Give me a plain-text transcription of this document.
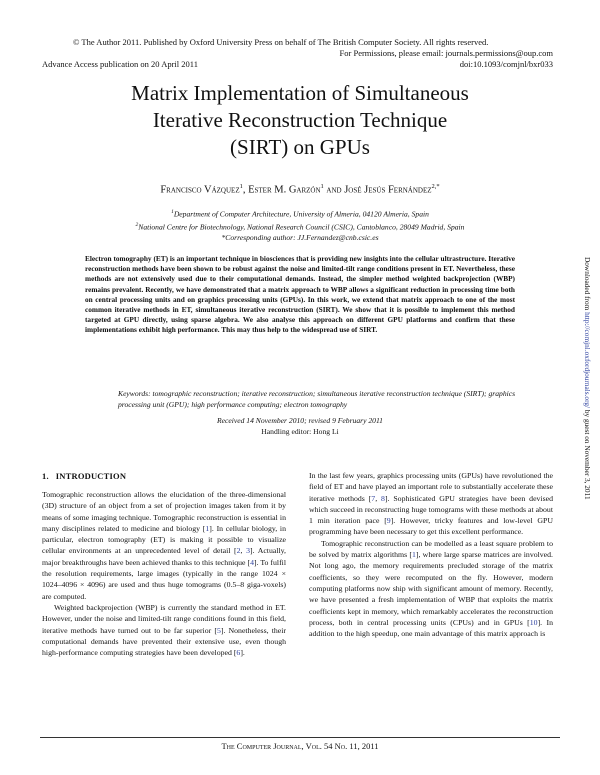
© The Author 2011. Published by Oxford University Press on behalf of The British Computer Society. All rights reserved.
For Permissions, please email: journals.permissions@oup.com
Advance Access publication on 20 April 2011	doi:10.1093/comjnl/bxr033
Matrix Implementation of Simultaneous
Iterative Reconstruction Technique
(SIRT) on GPUs
Francisco Vázquez$^1$, Ester M. Garzón$^1$ and José Jesús Fernández$^{2,*}$
$^1$Department of Computer Architecture, University of Almeria, 04120 Almeria, Spain
$^2$National Centre for Biotechnology, National Research Council (CSIC), Cantoblanco, 28049 Madrid, Spain
*Corresponding author: JJ.Fernandez@cnb.csic.es
Electron tomography (ET) is an important technique in biosciences that is providing new insights into the cellular ultrastructure. Iterative reconstruction methods have been shown to be robust against the noise and limited-tilt range conditions present in ET. Nevertheless, these methods are not extensively used due to their computational demands. Instead, the simpler method weighted backprojection (WBP) remains prevalent. Recently, we have demonstrated that a matrix approach to WBP allows a significant reduction in processing time both on central processing units and on graphics processing units (GPUs). In this work, we extend that matrix approach to one of the most common iterative methods in ET, simultaneous iterative reconstruction (SIRT). We show that it is possible to implement this method targeted at GPU directly, using sparse algebra. We also analyse this approach on different GPU platforms and confirm that these implementations exhibit high performance. This may thus help to the widespread use of SIRT.
Keywords: tomographic reconstruction; iterative reconstruction; simultaneous iterative reconstruction technique (SIRT); graphics processing unit (GPU); high performance computing; electron tomography
Received 14 November 2010; revised 9 February 2011
Handling editor: Hong Li
1. INTRODUCTION

Tomographic reconstruction allows the elucidation of the three-dimensional (3D) structure of an object from a set of projection images taken from it by means of some imaging technique. Tomographic reconstruction is essential in many disciplines related to medicine and biology [1]. In cellular biology, in particular, electron tomography (ET) is making it possible to visualize cellular environments at an unprecedented level of detail [2, 3]. Actually, major breakthroughs have been achieved thanks to this technique [4]. To fulfil the resolution requirements, large images (typically in the range 1024 × 1024–4096 × 4096) are used and thus huge tomograms (0.5–8 giga-voxels) are computed.

Weighted backprojection (WBP) is currently the standard method in ET. However, under the noise and limited-tilt range conditions found in this field, iterative methods have turned out to be far superior [5]. Nonetheless, their computational demands have prevented their extensive use, even though high-performance computing strategies have been developed [6].

In the last few years, graphics processing units (GPUs) have revolutioned the field of ET and have played an important role to substantially accelerate these iterative methods [7, 8]. Sophisticated GPU strategies have been devised which succeed in reconstructing huge tomograms with these methods at about 1 min iteration pace [9]. However, tricky features and low-level GPU programming have been necessary to get this excellent performance.

Tomographic reconstruction can be modelled as a least square problem to be solved by matrix algorithms [1], where large sparse matrices are involved. Not long ago, the memory requirements precluded storage of the matrix coefficients, so they were recomputed on the fly. However, modern computing platforms now ship with significant amount of memory. Recently, we have presented a fresh implementation of WBP that exploits the matrix coefficients kept in memory, which remarkably accelerates the reconstruction process, both in central processing units (CPUs) and in GPUs [10]. In addition to the high speedup, one main advantage of this matrix approach is

Downloaded from http://comjnl.oxfordjournals.org/ by guest on November 3, 2011
The Computer Journal, Vol. 54 No. 11, 2011
